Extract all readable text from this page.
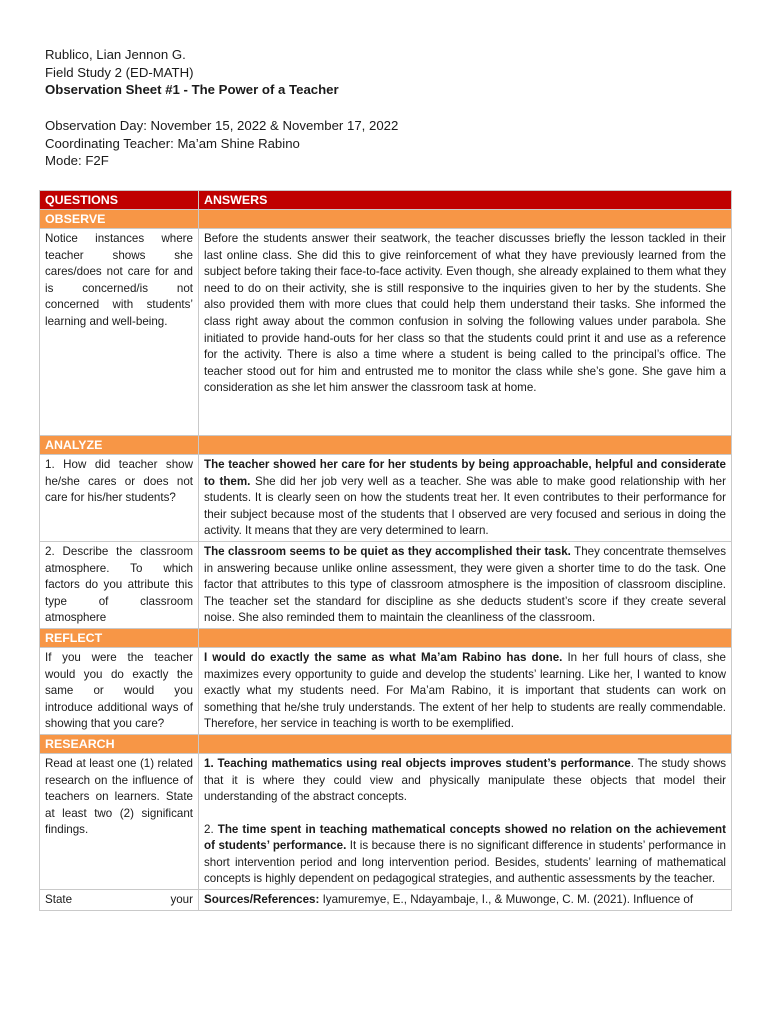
Rublico, Lian Jennon G.
Field Study 2 (ED-MATH)
Observation Sheet #1 - The Power of a Teacher
Observation Day: November 15, 2022 & November 17, 2022
Coordinating Teacher: Ma’am Shine Rabino
Mode: F2F
QUESTIONS	ANSWERS
OBSERVE	
Notice instances where teacher shows she cares/does not care for and is concerned/is not concerned with students’ learning and well-being.	Before the students answer their seatwork, the teacher discusses briefly the lesson tackled in their last online class. She did this to give reinforcement of what they have previously learned from the subject before taking their face-to-face activity. Even though, she already explained to them what they need to do on their activity, she is still responsive to the inquiries given to her by the students. She also provided them with more clues that could help them understand their tasks. She informed the class right away about the common confusion in solving the following values under parabola. She initiated to provide hand-outs for her class so that the students could print it and use as a reference for the activity. There is also a time where a student is being called to the principal’s office. The teacher stood out for him and entrusted me to monitor the class while she’s gone. She gave him a consideration as she let him answer the classroom task at home.
ANALYZE	
1. How did teacher show he/she cares or does not care for his/her students?	The teacher showed her care for her students by being approachable, helpful and considerate to them. She did her job very well as a teacher. She was able to make good relationship with her students. It is clearly seen on how the students treat her. It even contributes to their performance for their subject because most of the students that I observed are very focused and serious in doing the activity. It means that they are very determined to learn.
2. Describe the classroom atmosphere. To which factors do you attribute this type of classroom atmosphere	The classroom seems to be quiet as they accomplished their task. They concentrate themselves in answering because unlike online assessment, they were given a shorter time to do the task. One factor that attributes to this type of classroom atmosphere is the imposition of classroom discipline. The teacher set the standard for discipline as she deducts student’s score if they create several noise. She also reminded them to maintain the cleanliness of the classroom.
REFLECT	
If you were the teacher would you do exactly the same or would you introduce additional ways of showing that you care?	I would do exactly the same as what Ma’am Rabino has done. In her full hours of class, she maximizes every opportunity to guide and develop the students’ learning. Like her, I wanted to know exactly what my students need. For Ma’am Rabino, it is important that students can work on something that he/she truly understands. The extent of her help to students are really commendable. Therefore, her service in teaching is worth to be exemplified.
RESEARCH	
Read at least one (1) related research on the influence of teachers on learners. State at least two (2) significant findings.	1. Teaching mathematics using real objects improves student’s performance. The study shows that it is where they could view and physically manipulate these objects that model their understanding of the abstract concepts.

2. The time spent in teaching mathematical concepts showed no relation on the achievement of students’ performance. It is because there is no significant difference in students’ performance in short intervention period and long intervention period. Besides, students’ learning of mathematical concepts is highly dependent on pedagogical strategies, and authentic assessments by the teacher.

State your	Sources/References: Iyamuremye, E., Ndayambaje, I., & Muwonge, C. M. (2021). Influence of
